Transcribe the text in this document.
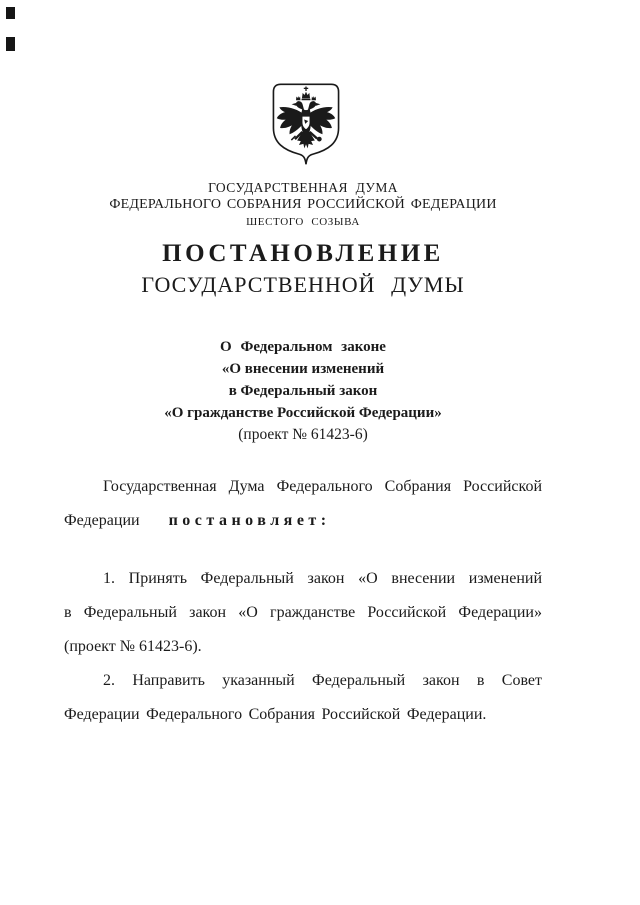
ГОСУДАРСТВЕННАЯ ДУМА
ФЕДЕРАЛЬНОГО СОБРАНИЯ РОССИЙСКОЙ ФЕДЕРАЦИИ
ШЕСТОГО СОЗЫВА
ПОСТАНОВЛЕНИЕ
ГОСУДАРСТВЕННОЙ ДУМЫ
О Федеральном законе
«О внесении изменений
в Федеральный закон
«О гражданстве Российской Федерации»
(проект № 61423-6)
Государственная Дума Федерального Собрания Российской
Федерации постановляет:
1. Принять Федеральный закон «О внесении изменений
в Федеральный закон «О гражданстве Российской Федерации»
(проект № 61423-6).
2. Направить указанный Федеральный закон в Совет
Федерации Федерального Собрания Российской Федерации.
